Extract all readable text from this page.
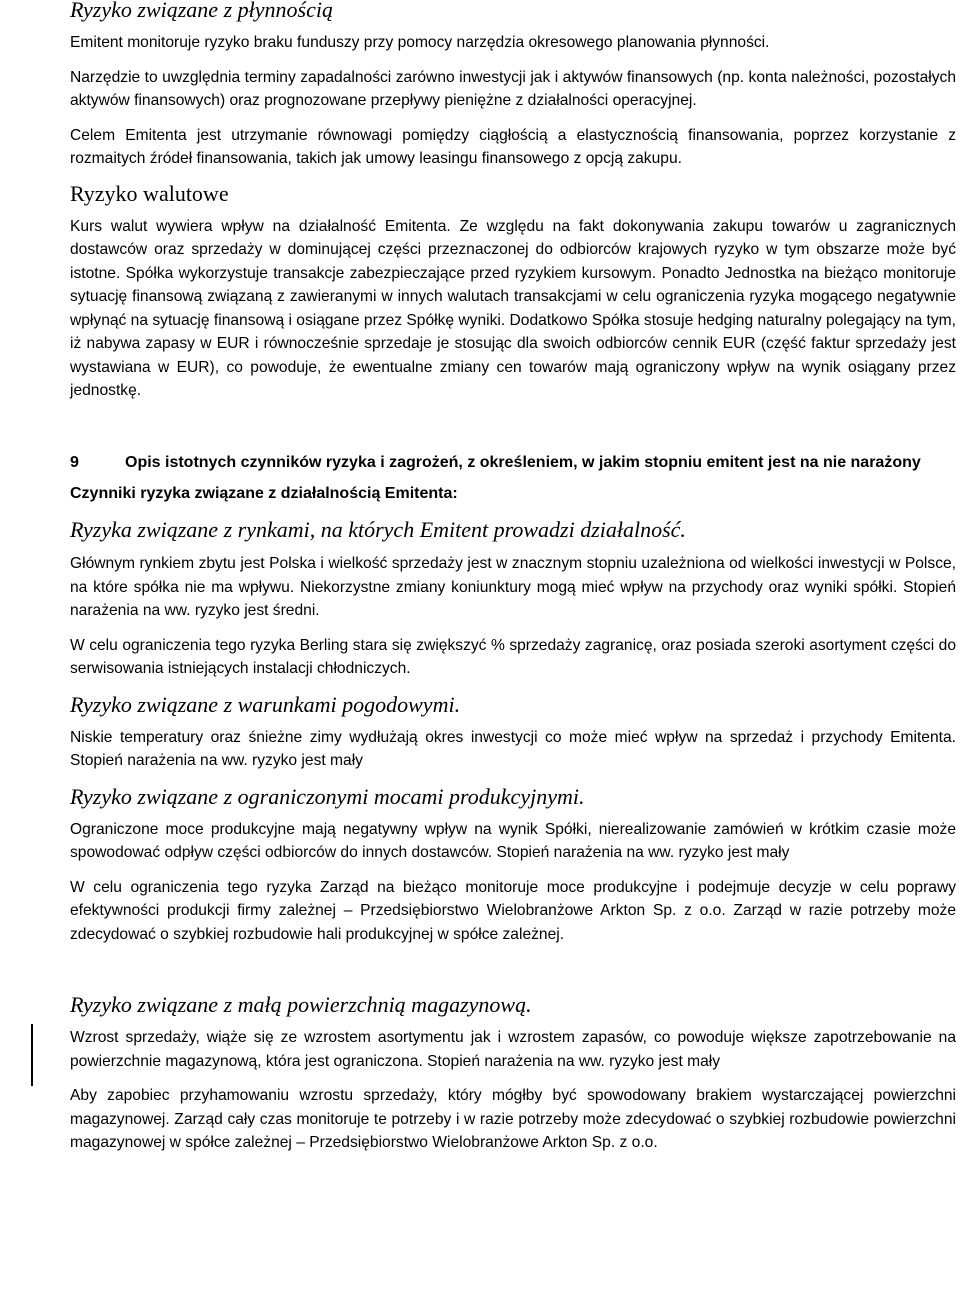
Ryzyko związane z płynnością

Emitent monitoruje ryzyko braku funduszy przy pomocy narzędzia okresowego planowania płynności.

Narzędzie to uwzględnia terminy zapadalności zarówno inwestycji jak i aktywów finansowych (np. konta należności, pozostałych aktywów finansowych) oraz prognozowane przepływy pieniężne z działalności operacyjnej.

Celem Emitenta jest utrzymanie równowagi pomiędzy ciągłością a elastycznością finansowania, poprzez korzystanie z rozmaitych źródeł finansowania, takich jak umowy leasingu finansowego z opcją zakupu.

Ryzyko walutowe

Kurs walut wywiera wpływ na działalność Emitenta. Ze względu na fakt dokonywania zakupu towarów u zagranicznych dostawców oraz sprzedaży w dominującej części przeznaczonej do odbiorców krajowych ryzyko w tym obszarze może być istotne. Spółka wykorzystuje transakcje zabezpieczające przed ryzykiem kursowym. Ponadto Jednostka na bieżąco monitoruje sytuację finansową związaną z zawieranymi w innych walutach transakcjami w celu ograniczenia ryzyka mogącego negatywnie wpłynąć na sytuację finansową i osiągane przez Spółkę wyniki. Dodatkowo Spółka stosuje hedging naturalny polegający na tym, iż nabywa zapasy w EUR i równocześnie sprzedaje je stosując dla swoich odbiorców cennik EUR (część faktur sprzedaży jest wystawiana w EUR), co powoduje, że ewentualne zmiany cen towarów mają ograniczony wpływ na wynik osiągany przez jednostkę.

9	Opis istotnych czynników ryzyka i zagrożeń, z określeniem, w jakim stopniu emitent jest na nie narażony
Czynniki ryzyka związane z działalnością Emitenta:
Ryzyka związane z rynkami, na których Emitent prowadzi działalność.

Głównym rynkiem zbytu jest Polska i wielkość sprzedaży jest w znacznym stopniu uzależniona od wielkości inwestycji w Polsce, na które spółka nie ma wpływu. Niekorzystne zmiany koniunktury mogą mieć wpływ na przychody oraz wyniki spółki. Stopień narażenia na ww. ryzyko jest średni.

W celu ograniczenia tego ryzyka Berling stara się zwiększyć % sprzedaży zagranicę, oraz posiada szeroki asortyment części do serwisowania istniejących instalacji chłodniczych.

Ryzyko związane z warunkami pogodowymi.

Niskie temperatury oraz śnieżne zimy wydłużają okres inwestycji co może mieć wpływ na sprzedaż i przychody Emitenta. Stopień narażenia na ww. ryzyko jest mały

Ryzyko związane z ograniczonymi mocami produkcyjnymi.

Ograniczone moce produkcyjne mają negatywny wpływ na wynik Spółki, nierealizowanie zamówień w krótkim czasie może spowodować odpływ części odbiorców do innych dostawców. Stopień narażenia na ww. ryzyko jest mały

W celu ograniczenia tego ryzyka Zarząd na bieżąco monitoruje moce produkcyjne i podejmuje decyzje w celu poprawy efektywności produkcji firmy zależnej – Przedsiębiorstwo Wielobranżowe Arkton Sp. z o.o. Zarząd w razie potrzeby może zdecydować o szybkiej rozbudowie hali produkcyjnej w spółce zależnej.

Ryzyko związane z małą powierzchnią magazynową.

Wzrost sprzedaży, wiąże się ze wzrostem asortymentu jak i wzrostem zapasów, co powoduje większe zapotrzebowanie na powierzchnie magazynową, która jest ograniczona. Stopień narażenia na ww. ryzyko jest mały

Aby zapobiec przyhamowaniu wzrostu sprzedaży, który mógłby być spowodowany brakiem wystarczającej powierzchni magazynowej. Zarząd cały czas monitoruje te potrzeby i w razie potrzeby może zdecydować o szybkiej rozbudowie powierzchni magazynowej w spółce zależnej – Przedsiębiorstwo Wielobranżowe Arkton Sp. z o.o.
